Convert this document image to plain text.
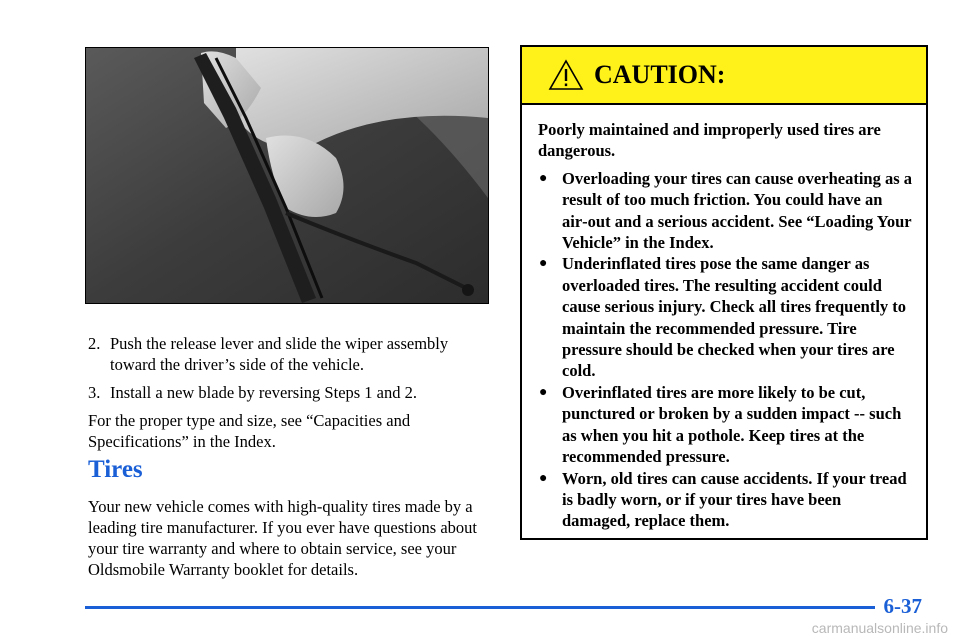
2. Push the release lever and slide the wiper assembly toward the driver’s side of the vehicle.
3. Install a new blade by reversing Steps 1 and 2.

For the proper type and size, see “Capacities and Specifications” in the Index.

Tires

Your new vehicle comes with high‐quality tires made by a leading tire manufacturer. If you ever have questions about your tire warranty and where to obtain service, see your Oldsmobile Warranty booklet for details.

CAUTION:

Poorly maintained and improperly used tires are dangerous.

● Overloading your tires can cause overheating as a result of too much friction. You could have an air‐out and a serious accident. See “Loading Your Vehicle” in the Index.
● Underinflated tires pose the same danger as overloaded tires. The resulting accident could cause serious injury. Check all tires frequently to maintain the recommended pressure. Tire pressure should be checked when your tires are cold.
● Overinflated tires are more likely to be cut, punctured or broken by a sudden impact -- such as when you hit a pothole. Keep tires at the recommended pressure.
● Worn, old tires can cause accidents. If your tread is badly worn, or if your tires have been damaged, replace them.
6-37
carmanualsonline.info
